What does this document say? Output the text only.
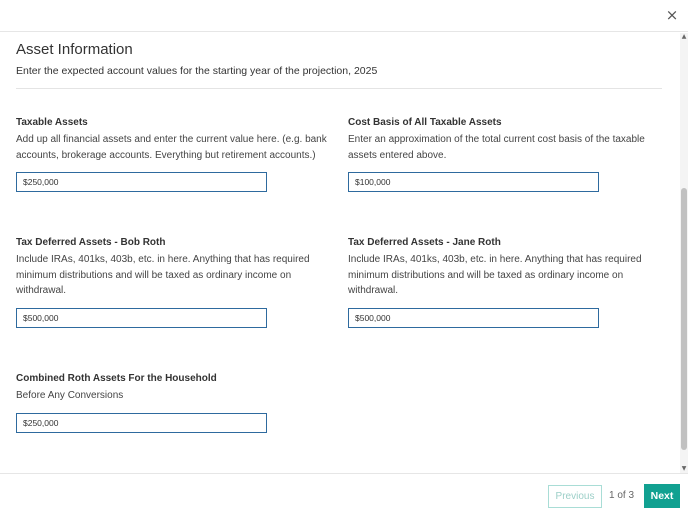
×
Asset Information
Enter the expected account values for the starting year of the projection, 2025
Taxable Assets
Add up all financial assets and enter the current value here. (e.g. bank accounts, brokerage accounts. Everything but retirement accounts.)
$250,000
Cost Basis of All Taxable Assets
Enter an approximation of the total current cost basis of the taxable assets entered above.
$100,000
Tax Deferred Assets - Bob Roth
Include IRAs, 401ks, 403b, etc. in here. Anything that has required minimum distributions and will be taxed as ordinary income on withdrawal.
$500,000
Tax Deferred Assets - Jane Roth
Include IRAs, 401ks, 403b, etc. in here. Anything that has required minimum distributions and will be taxed as ordinary income on withdrawal.
$500,000
Combined Roth Assets For the Household
Before Any Conversions
$250,000
▲
▼
Previous	1 of 3	Next
